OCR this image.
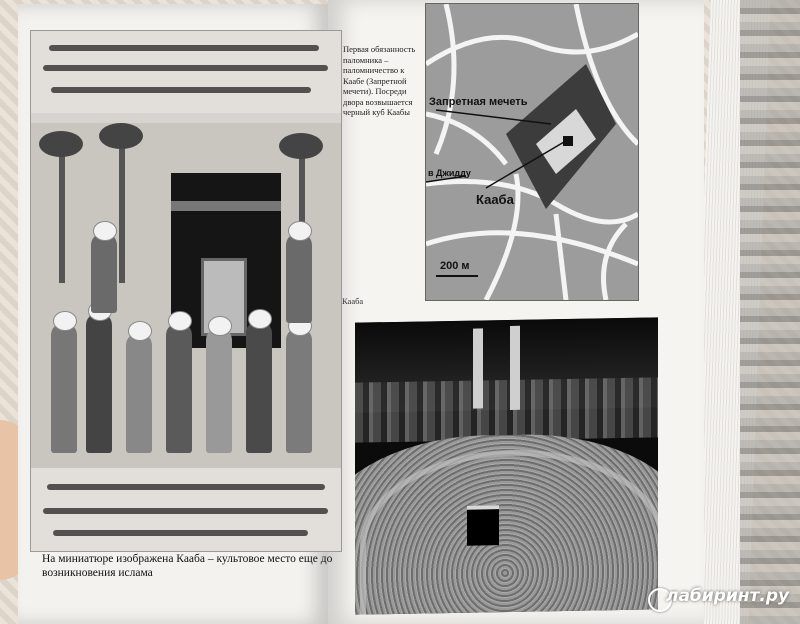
На миниатюре изображена Кааба – культовое место еще до возникновения ислама
Первая обязанность паломника – паломничество к Каабе (Запретной мечети). Посреди двора возвышается черный куб Каабы
Запретная мечеть
в Джидду
Кааба
200 м
Кааба
лабиринт.ру
